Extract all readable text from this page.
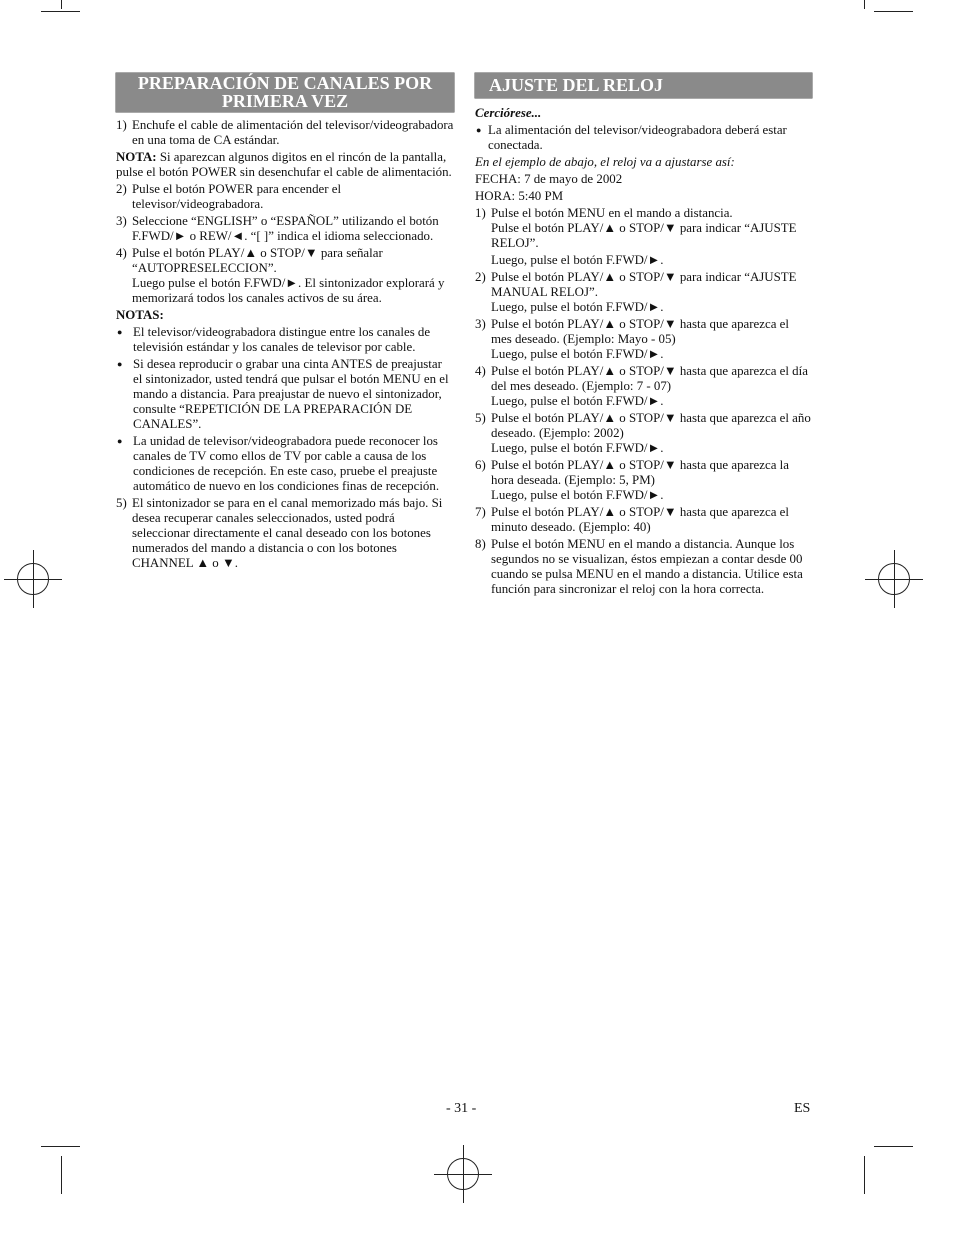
PREPARACIÓN DE CANALES POR PRIMERA VEZ
1) Enchufe el cable de alimentación del televisor/videograbadora en una toma de CA estándar.

NOTA: Si aparezcan algunos digitos en el rincón de la pantalla, pulse el botón POWER sin desenchufar el cable de alimentación.

2) Pulse el botón POWER para encender el televisor/videograbadora.
3) Seleccione “ENGLISH” o “ESPAÑOL” utilizando el botón F.FWD/► o REW/◄. “[ ]” indica el idioma seleccionado.
4) Pulse el botón PLAY/▲ o STOP/▼ para señalar “AUTOPRESELECCION”.

Luego pulse el botón F.FWD/►. El sintonizador explorará y memorizará todos los canales activos de su área.

NOTAS:

● El televisor/videograbadora distingue entre los canales de televisión estándar y los canales de televisor por cable.
● Si desea reproducir o grabar una cinta ANTES de preajustar el sintonizador, usted tendrá que pulsar el botón MENU en el mando a distancia. Para preajustar de nuevo el sintonizador, consulte “REPETICIÓN DE LA PREPARACIÓN DE CANALES”.
● La unidad de televisor/videograbadora puede reconocer los canales de TV como ellos de TV por cable a causa de los condiciones de recepción. En este caso, pruebe el preajuste automático de nuevo en los condiciones finas de recepción.
5) El sintonizador se para en el canal memorizado más bajo. Si desea recuperar canales seleccionados, usted podrá seleccionar directamente el canal deseado con los botones numerados del mando a distancia o con los botones CHANNEL ▲ o ▼.
AJUSTE DEL RELOJ

Cerciórese...

● La alimentación del televisor/videograbadora deberá estar conectada.

En el ejemplo de abajo, el reloj va a ajustarse así:

FECHA: 7 de mayo de 2002

HORA: 5:40 PM

1) Pulse el botón MENU en el mando a distancia.

Pulse el botón PLAY/▲ o STOP/▼ para indicar “AJUSTE RELOJ”.

Luego, pulse el botón F.FWD/►.

2) Pulse el botón PLAY/▲ o STOP/▼ para indicar “AJUSTE MANUAL RELOJ”.

Luego, pulse el botón F.FWD/►.

3) Pulse el botón PLAY/▲ o STOP/▼ hasta que aparezca el mes deseado. (Ejemplo: Mayo - 05)

Luego, pulse el botón F.FWD/►.

4) Pulse el botón PLAY/▲ o STOP/▼ hasta que aparezca el día del mes deseado. (Ejemplo: 7 - 07)

Luego, pulse el botón F.FWD/►.

5) Pulse el botón PLAY/▲ o STOP/▼ hasta que aparezca el año deseado. (Ejemplo: 2002)

Luego, pulse el botón F.FWD/►.

6) Pulse el botón PLAY/▲ o STOP/▼ hasta que aparezca la hora deseada. (Ejemplo: 5, PM)

Luego, pulse el botón F.FWD/►.

7) Pulse el botón PLAY/▲ o STOP/▼ hasta que aparezca el minuto deseado. (Ejemplo: 40)
8) Pulse el botón MENU en el mando a distancia. Aunque los segundos no se visualizan, éstos empiezan a contar desde 00 cuando se pulsa MENU en el mando a distancia. Utilice esta función para sincronizar el reloj con la hora correcta.
- 31 -	ES
